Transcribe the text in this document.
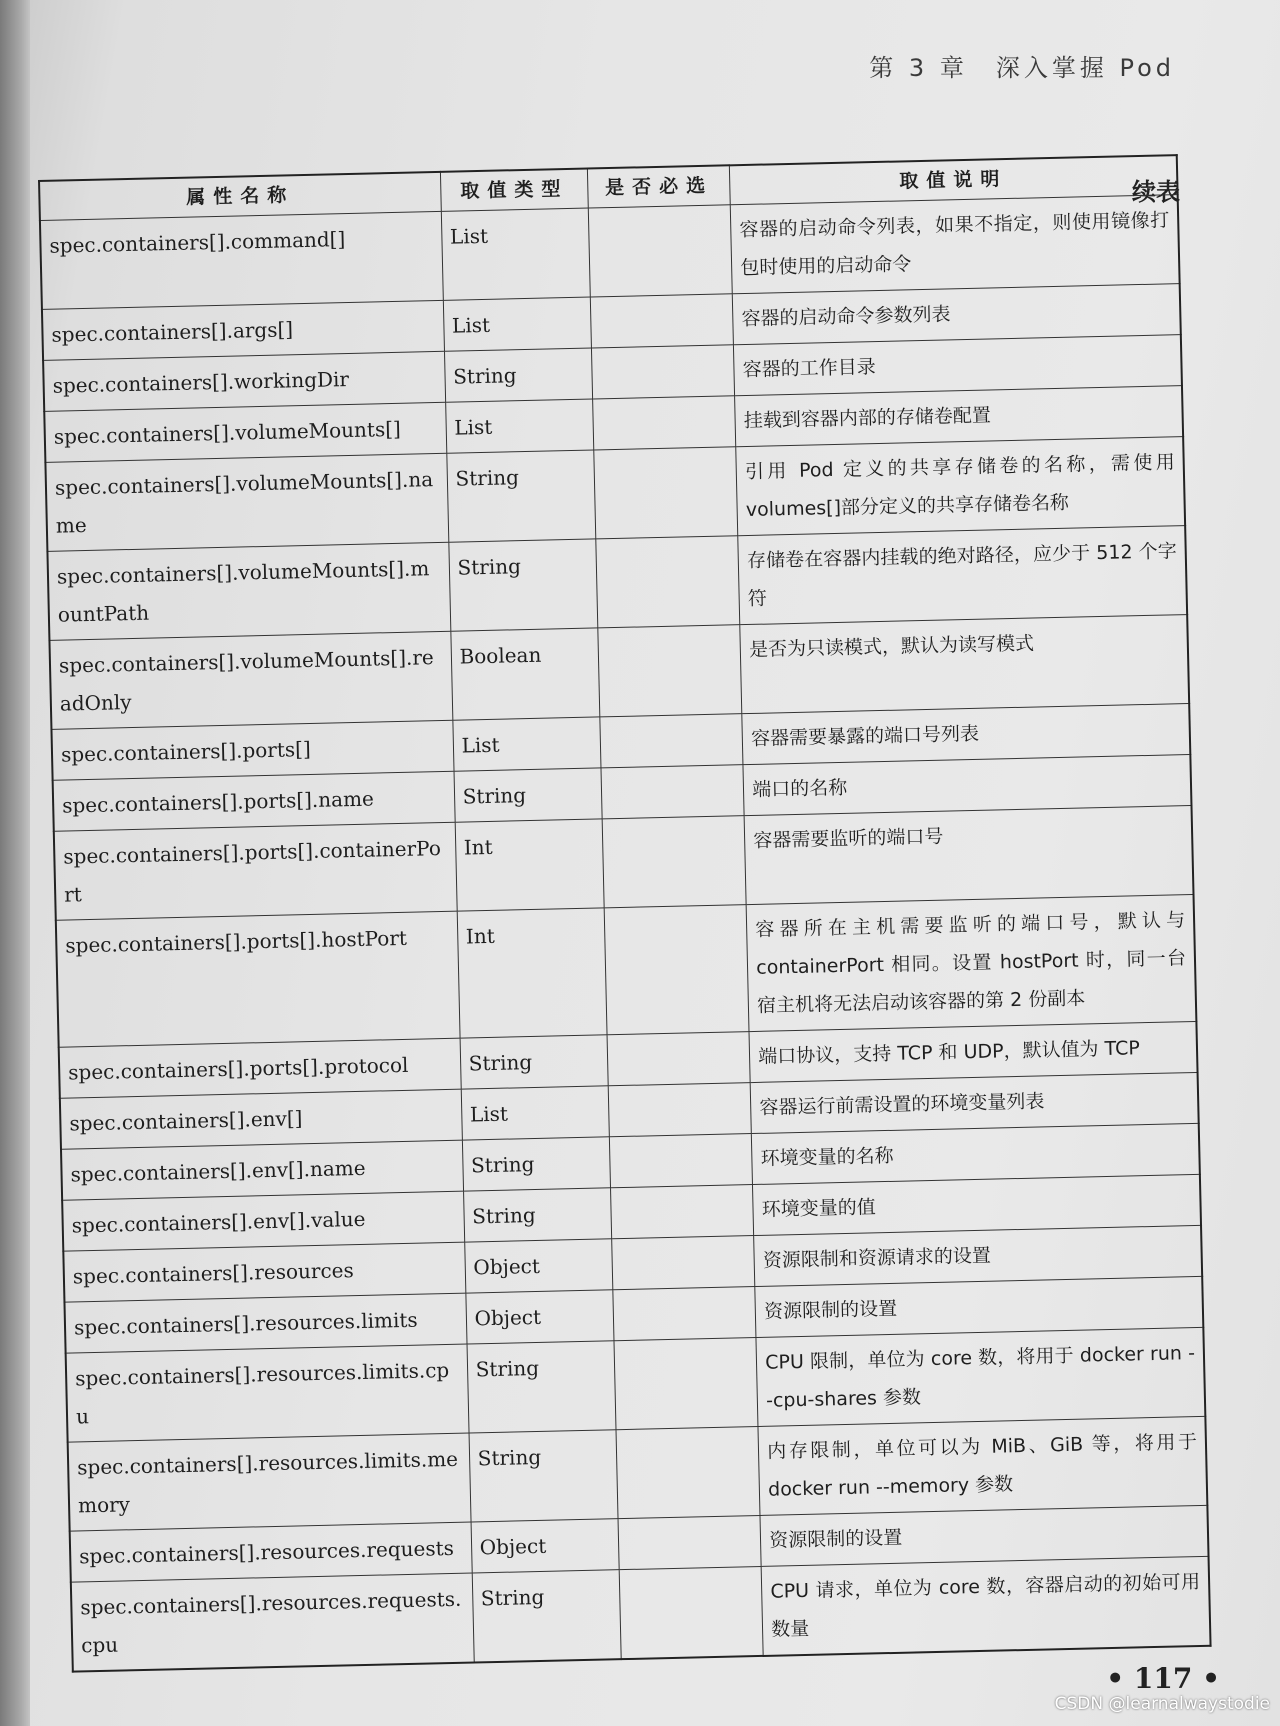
第 3 章　深入掌握 Pod
续表
属性名称	取值类型	是否必选	取值说明
spec.containers[].command[]	List		容器的启动命令列表，如果不指定，则使用镜像打包时使用的启动命令
spec.containers[].args[]	List		容器的启动命令参数列表
spec.containers[].workingDir	String		容器的工作目录
spec.containers[].volumeMounts[]	List		挂载到容器内部的存储卷配置
spec.containers[].volumeMounts[].name	String		引用 Pod 定义的共享存储卷的名称，需使用 volumes[]部分定义的共享存储卷名称
spec.containers[].volumeMounts[].mountPath	String		存储卷在容器内挂载的绝对路径，应少于 512 个字符
spec.containers[].volumeMounts[].readOnly	Boolean		是否为只读模式，默认为读写模式
spec.containers[].ports[]	List		容器需要暴露的端口号列表
spec.containers[].ports[].name	String		端口的名称
spec.containers[].ports[].containerPort	Int		容器需要监听的端口号
spec.containers[].ports[].hostPort	Int		容器所在主机需要监听的端口号，默认与 containerPort 相同。设置 hostPort 时，同一台宿主机将无法启动该容器的第 2 份副本
spec.containers[].ports[].protocol	String		端口协议，支持 TCP 和 UDP，默认值为 TCP
spec.containers[].env[]	List		容器运行前需设置的环境变量列表
spec.containers[].env[].name	String		环境变量的名称
spec.containers[].env[].value	String		环境变量的值
spec.containers[].resources	Object		资源限制和资源请求的设置
spec.containers[].resources.limits	Object		资源限制的设置
spec.containers[].resources.limits.cpu	String		CPU 限制，单位为 core 数，将用于 docker run --cpu-shares 参数
spec.containers[].resources.limits.memory	String		内存限制，单位可以为 MiB、GiB 等，将用于 docker run --memory 参数
spec.containers[].resources.requests	Object		资源限制的设置
spec.containers[].resources.requests.cpu	String		CPU 请求，单位为 core 数，容器启动的初始可用数量
• 117 •
CSDN @learnalwaystodie
